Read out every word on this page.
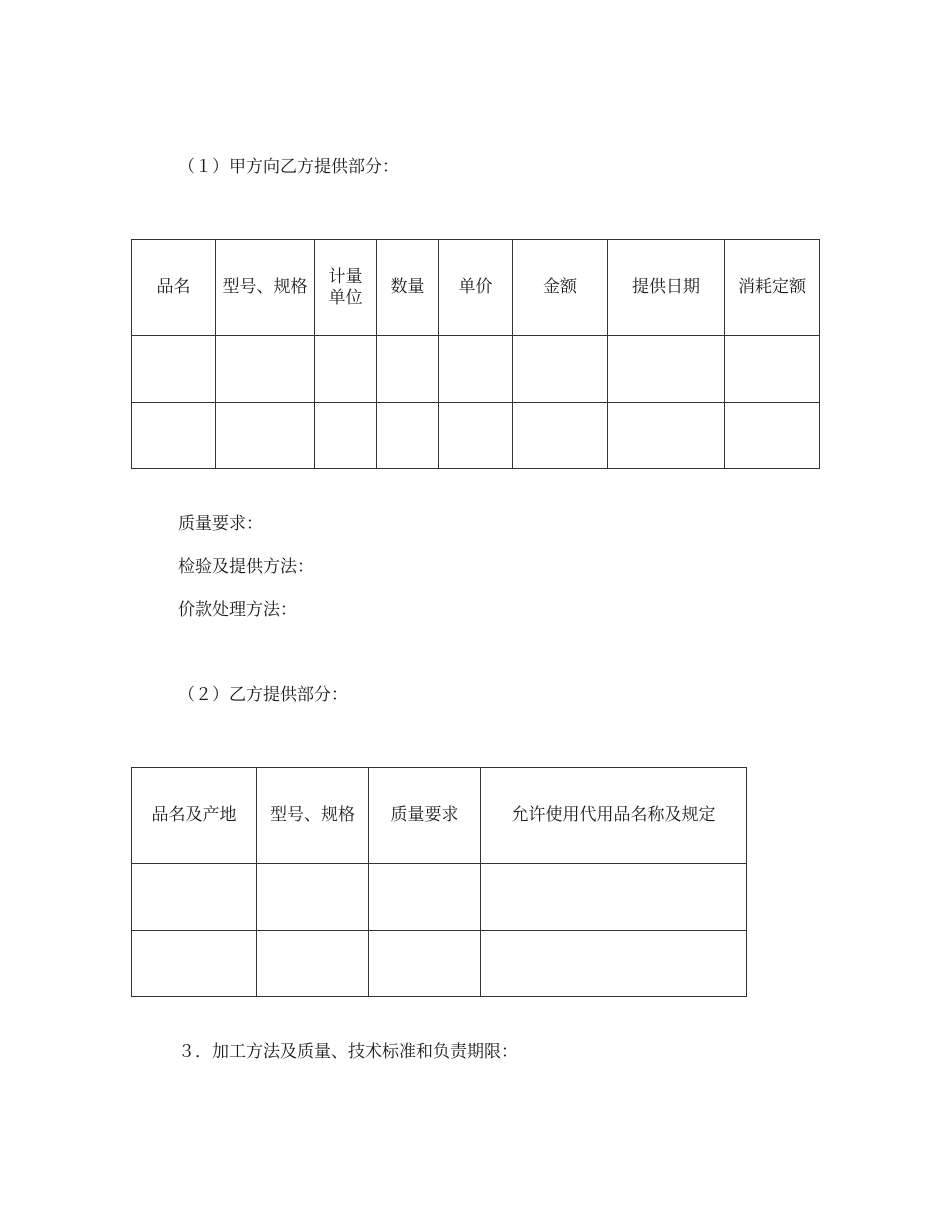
（１）甲方向乙方提供部分：
品名	型号、规格	计量单位	数量	单价	金额	提供日期	消耗定额

质量要求：
检验及提供方法：
价款处理方法：
（２）乙方提供部分：
品名及产地	型号、规格	质量要求	允许使用代用品名称及规定

３．加工方法及质量、技术标准和负责期限：
